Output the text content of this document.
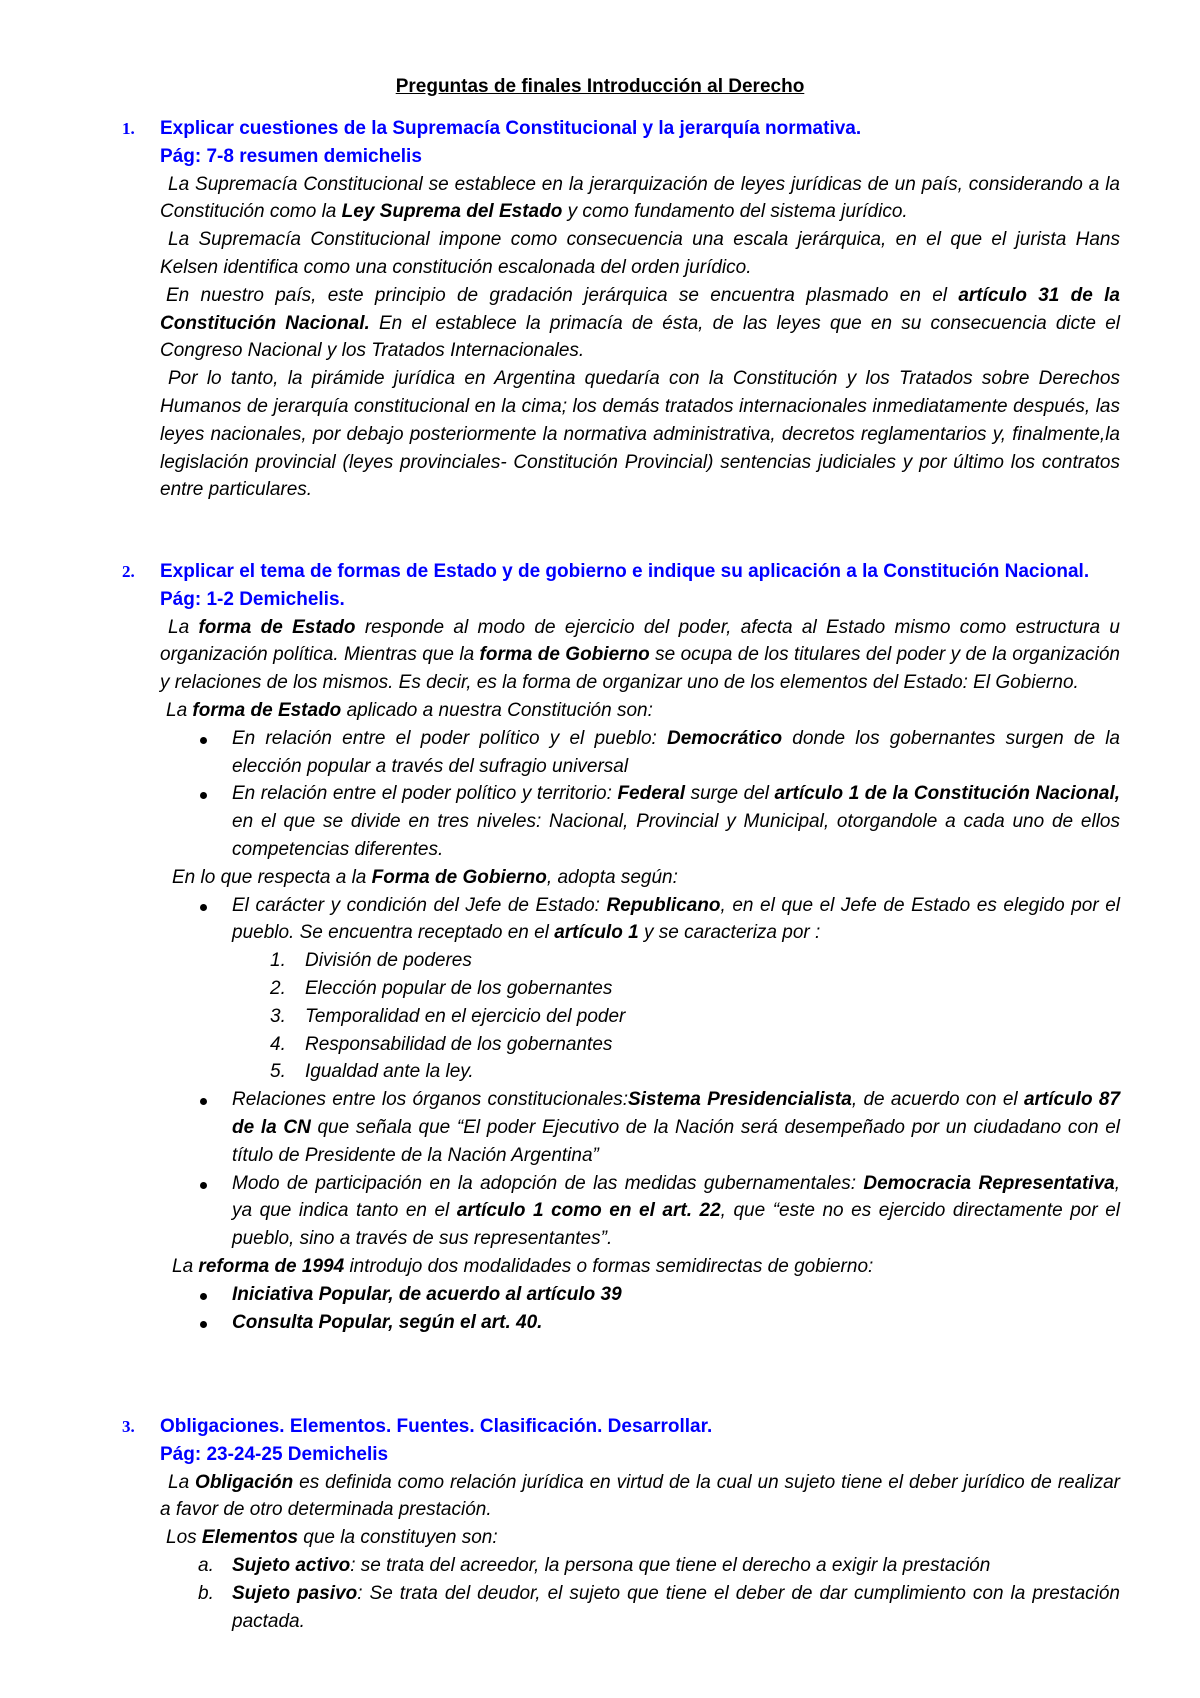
Preguntas de finales Introducción al Derecho
1. Explicar cuestiones de la Supremacía Constitucional y la jerarquía normativa.
Pág: 7-8 resumen demichelis
La Supremacía Constitucional se establece en la jerarquización de leyes jurídicas de un país, considerando a la Constitución como la Ley Suprema del Estado y como fundamento del sistema jurídico.
La Supremacía Constitucional impone como consecuencia una escala jerárquica, en el que el jurista Hans Kelsen identifica como una constitución escalonada del orden jurídico.
En nuestro país, este principio de gradación jerárquica se encuentra plasmado en el artículo 31 de la Constitución Nacional. En el establece la primacía de ésta, de las leyes que en su consecuencia dicte el Congreso Nacional y los Tratados Internacionales.
Por lo tanto, la pirámide jurídica en Argentina quedaría con la Constitución y los Tratados sobre Derechos Humanos de jerarquía constitucional en la cima; los demás tratados internacionales inmediatamente después, las leyes nacionales, por debajo posteriormente la normativa administrativa, decretos reglamentarios y, finalmente,la legislación provincial (leyes provinciales- Constitución Provincial) sentencias judiciales y por último los contratos entre particulares.
2. Explicar el tema de formas de Estado y de gobierno e indique su aplicación a la Constitución Nacional.
Pág: 1-2 Demichelis.
La forma de Estado responde al modo de ejercicio del poder, afecta al Estado mismo como estructura u organización política. Mientras que la forma de Gobierno se ocupa de los titulares del poder y de la organización y relaciones de los mismos. Es decir, es la forma de organizar uno de los elementos del Estado: El Gobierno.
La forma de Estado aplicado a nuestra Constitución son:
En relación entre el poder político y el pueblo: Democrático donde los gobernantes surgen de la elección popular a través del sufragio universal
En relación entre el poder político y territorio: Federal surge del artículo 1 de la Constitución Nacional, en el que se divide en tres niveles: Nacional, Provincial y Municipal, otorgandole a cada uno de ellos competencias diferentes.
En lo que respecta a la Forma de Gobierno, adopta según:
El carácter y condición del Jefe de Estado: Republicano, en el que el Jefe de Estado es elegido por el pueblo. Se encuentra receptado en el artículo 1 y se caracteriza por :
1. División de poderes
2. Elección popular de los gobernantes
3. Temporalidad en el ejercicio del poder
4. Responsabilidad de los gobernantes
5. Igualdad ante la ley.
Relaciones entre los órganos constitucionales:Sistema Presidencialista, de acuerdo con el artículo 87 de la CN que señala que “El poder Ejecutivo de la Nación será desempeñado por un ciudadano con el título de Presidente de la Nación Argentina”
Modo de participación en la adopción de las medidas gubernamentales: Democracia Representativa, ya que indica tanto en el artículo 1 como en el art. 22, que “este no es ejercido directamente por el pueblo, sino a través de sus representantes”.
La reforma de 1994 introdujo dos modalidades o formas semidirectas de gobierno:
Iniciativa Popular, de acuerdo al artículo 39
Consulta Popular, según el art. 40.
3. Obligaciones. Elementos. Fuentes. Clasificación. Desarrollar.
Pág: 23-24-25 Demichelis
La Obligación es definida como relación jurídica en virtud de la cual un sujeto tiene el deber jurídico de realizar a favor de otro determinada prestación.
Los Elementos que la constituyen son:
a. Sujeto activo: se trata del acreedor, la persona que tiene el derecho a exigir la prestación
b. Sujeto pasivo: Se trata del deudor, el sujeto que tiene el deber de dar cumplimiento con la prestación pactada.
